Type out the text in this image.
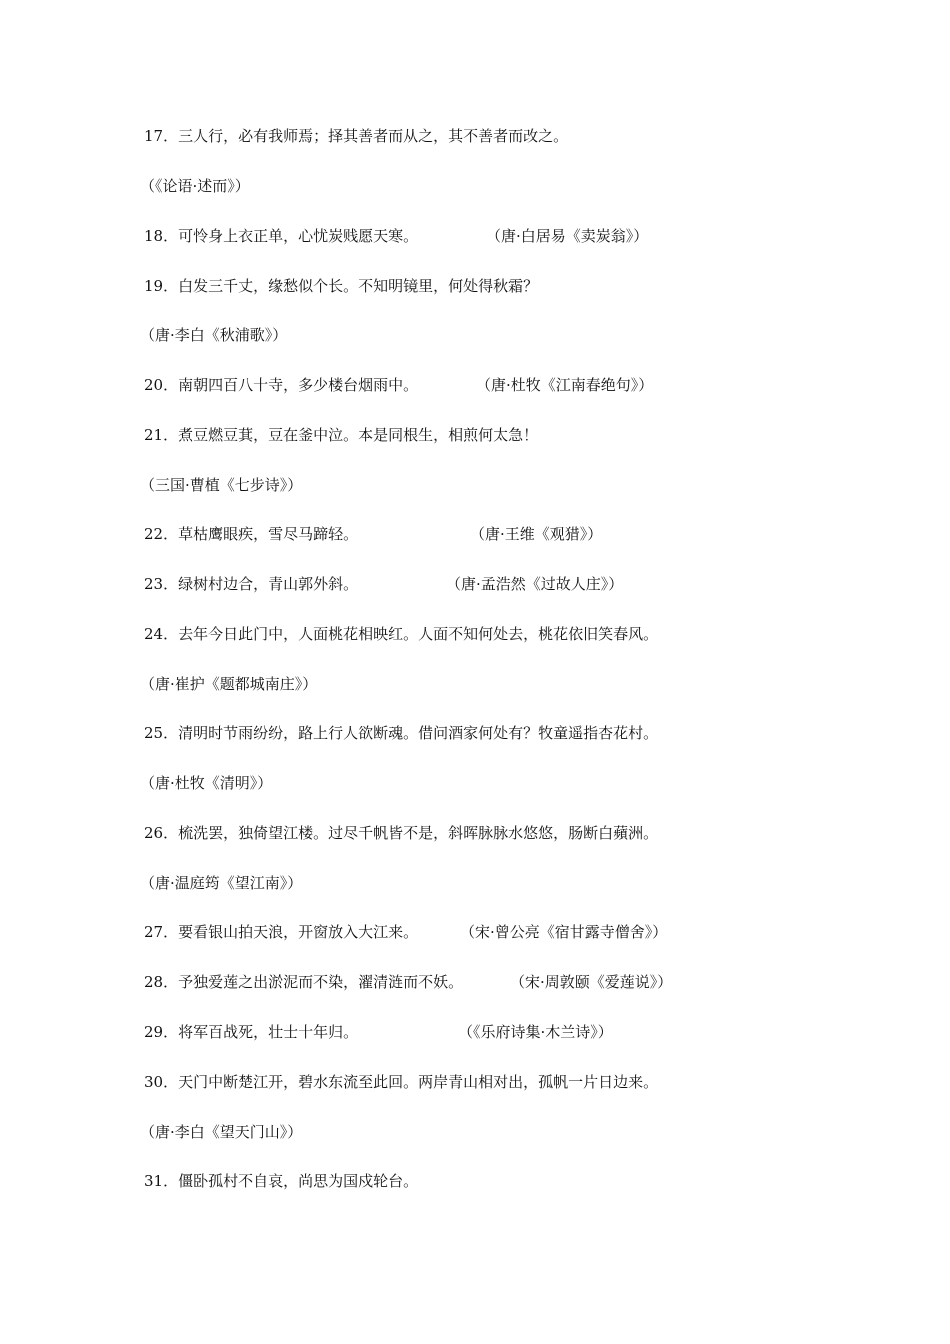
17．三人行，必有我师焉；择其善者而从之，其不善者而改之。
（《论语·述而》）
18．可怜身上衣正单，心忧炭贱愿天寒。	（唐·白居易《卖炭翁》）
19．白发三千丈，缘愁似个长。不知明镜里，何处得秋霜？
（唐·李白《秋浦歌》）
20．南朝四百八十寺，多少楼台烟雨中。	（唐·杜牧《江南春绝句》）
21．煮豆燃豆萁，豆在釜中泣。本是同根生，相煎何太急！
（三国·曹植《七步诗》）
22．草枯鹰眼疾，雪尽马蹄轻。	（唐·王维《观猎》）
23．绿树村边合，青山郭外斜。	（唐·孟浩然《过故人庄》）
24．去年今日此门中，人面桃花相映红。人面不知何处去，桃花依旧笑春风。
（唐·崔护《题都城南庄》）
25．清明时节雨纷纷，路上行人欲断魂。借问酒家何处有？牧童遥指杏花村。
（唐·杜牧《清明》）
26．梳洗罢，独倚望江楼。过尽千帆皆不是，斜晖脉脉水悠悠，肠断白蘋洲。
（唐·温庭筠《望江南》）
27．要看银山拍天浪，开窗放入大江来。	（宋·曾公亮《宿甘露寺僧舍》）
28．予独爱莲之出淤泥而不染，濯清涟而不妖。	（宋·周敦颐《爱莲说》）
29．将军百战死，壮士十年归。	（《乐府诗集·木兰诗》）
30．天门中断楚江开，碧水东流至此回。两岸青山相对出，孤帆一片日边来。
（唐·李白《望天门山》）
31．僵卧孤村不自哀，尚思为国戍轮台。
